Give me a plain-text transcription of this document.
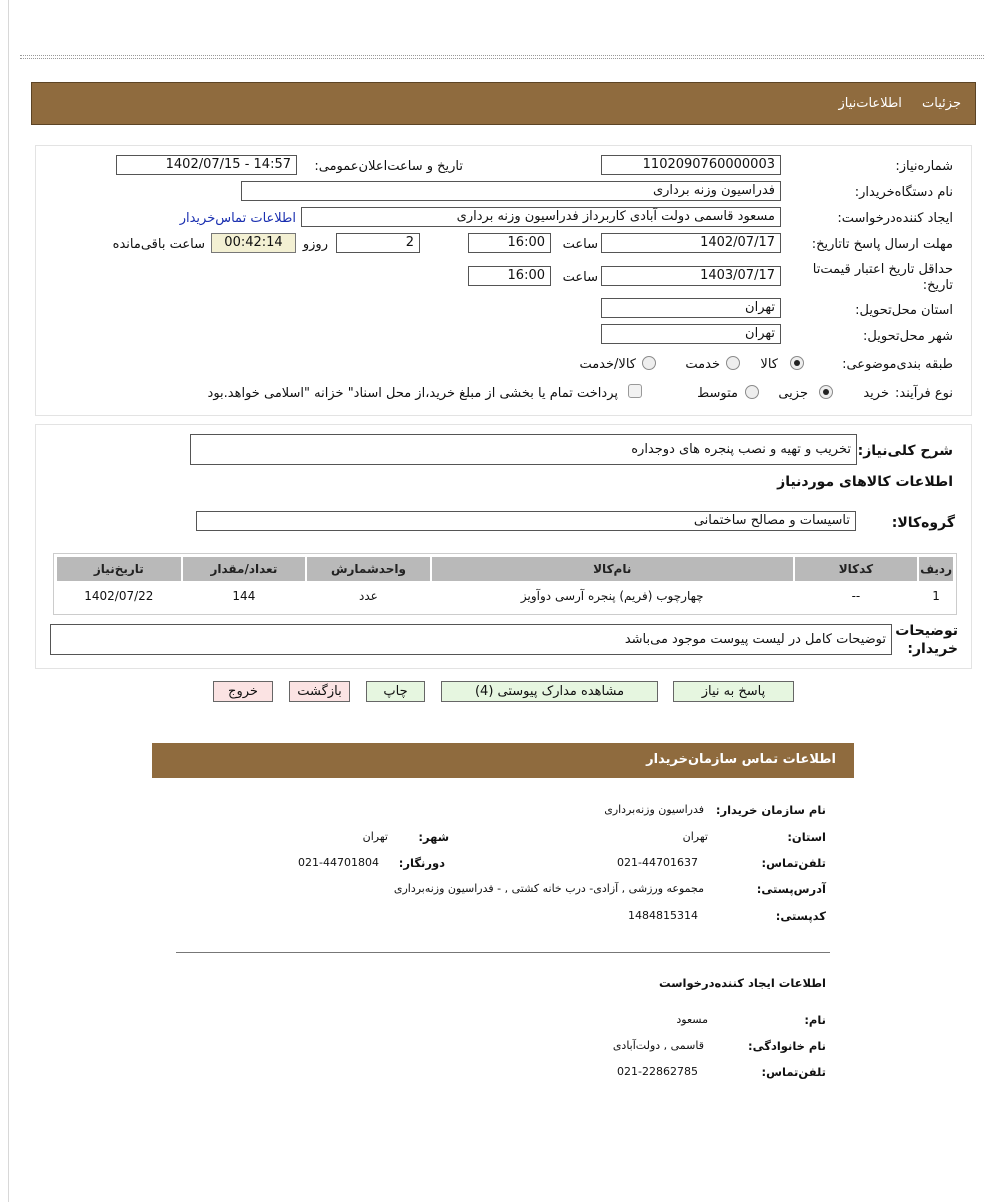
جزئیات اطلاعات‌نیاز
شماره‌نیاز:
1102090760000003
تاریخ و ساعت‌اعلان‌عمومی:
1402/07/15 - 14:57
نام دستگاه‌خریدار:
فدراسیون وزنه برداری
ایجاد کننده‌درخواست:
مسعود قاسمی دولت آبادی کاربرداز فدراسیون وزنه برداری
اطلاعات تماس‌خریدار
مهلت ارسال پاسخ تا‌تاریخ:
1402/07/17
ساعت
16:00
2
روزو
00:42:14
ساعت باقی‌مانده
حداقل تاریخ اعتبار قیمت‌تا
تاریخ:
1403/07/17
ساعت
16:00
استان محل‌تحویل:
تهران
شهر محل‌تحویل:
تهران
طبقه بندی‌موضوعی:
کالا
خدمت
کالا/خدمت
نوع فرآیند:
خرید
جزیی
متوسط
پرداخت تمام یا بخشی از مبلغ خرید،از محل اسناد" خزانه "اسلامی خواهد.بود
شرح کلی‌نیاز:
تخریب و تهیه و نصب پنجره های دوجداره
اطلاعات کالاهای موردنیاز
گروه‌کالا:
تاسیسات و مصالح ساختمانی
ردیف	کدکالا	نام‌کالا	واحدشمارش	تعداد/مقدار	تاریخ‌نیاز
1	--	چهارچوب (فریم) پنجره آرسی دوآویز	عدد	144	1402/07/22
توضیحات
خریدار:
توضیحات کامل در لیست پیوست موجود می‌باشد
پاسخ به نیاز
مشاهده مدارک پیوستی (4)
چاپ
بازگشت
خروج
اطلاعات تماس سازمان‌خریدار
نام سازمان‌ خریدار:
فدراسیون وزنه‌برداری
استان:
تهران
شهر:
تهران
تلفن‌تماس:
021-44701637
دورنگار:
021-44701804
آدرس‌پستی:
مجموعه ورزشی , آزادی- درب خانه کشتی , - فدراسیون وزنه‌برداری
کد‌پستی:
1484815314
اطلاعات ایجاد کننده‌درخواست
نام:
مسعود
نام خانوادگی:
قاسمی , دولت‌آبادی
تلفن‌تماس:
021-22862785
